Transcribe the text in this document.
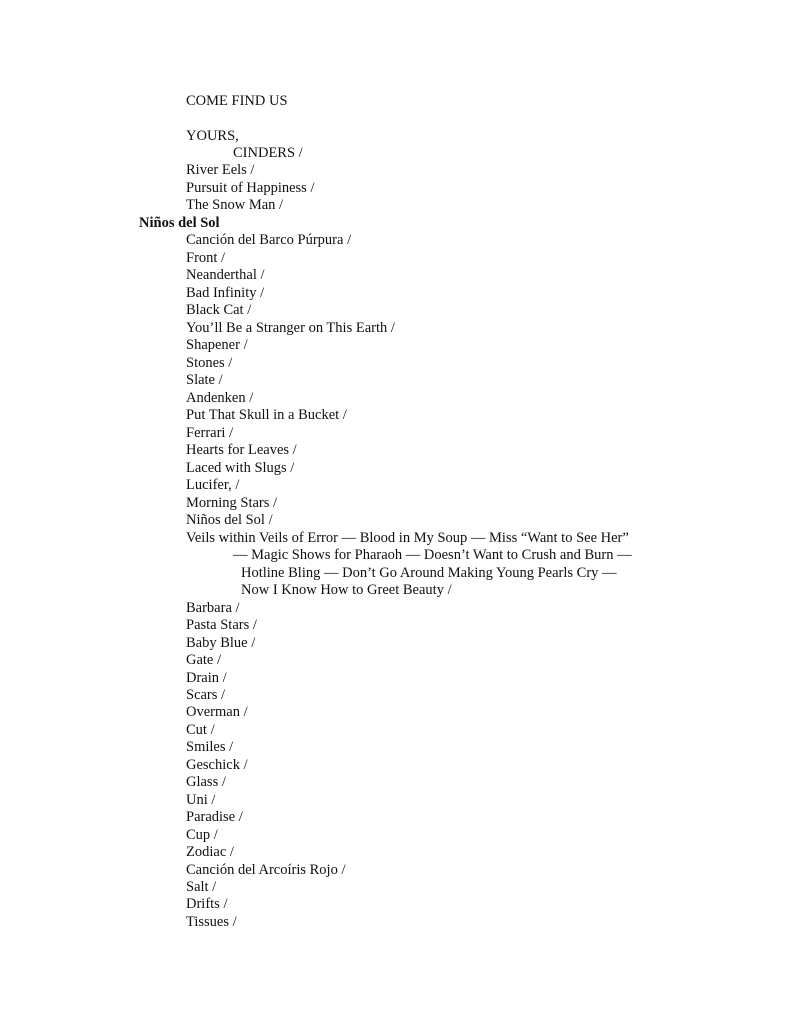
COME FIND US
YOURS,
CINDERS /
River Eels /
Pursuit of Happiness /
The Snow Man /
Niños del Sol
Canción del Barco Púrpura /
Front /
Neanderthal /
Bad Infinity /
Black Cat /
You’ll Be a Stranger on This Earth /
Shapener /
Stones /
Slate /
Andenken /
Put That Skull in a Bucket /
Ferrari /
Hearts for Leaves /
Laced with Slugs /
Lucifer, /
Morning Stars /
Niños del Sol /
Veils within Veils of Error — Blood in My Soup — Miss “Want to See Her”
— Magic Shows for Pharaoh — Doesn’t Want to Crush and Burn —
Hotline Bling — Don’t Go Around Making Young Pearls Cry —
Now I Know How to Greet Beauty /
Barbara /
Pasta Stars /
Baby Blue /
Gate /
Drain /
Scars /
Overman /
Cut /
Smiles /
Geschick /
Glass /
Uni /
Paradise /
Cup /
Zodiac /
Canción del Arcoíris Rojo /
Salt /
Drifts /
Tissues /
